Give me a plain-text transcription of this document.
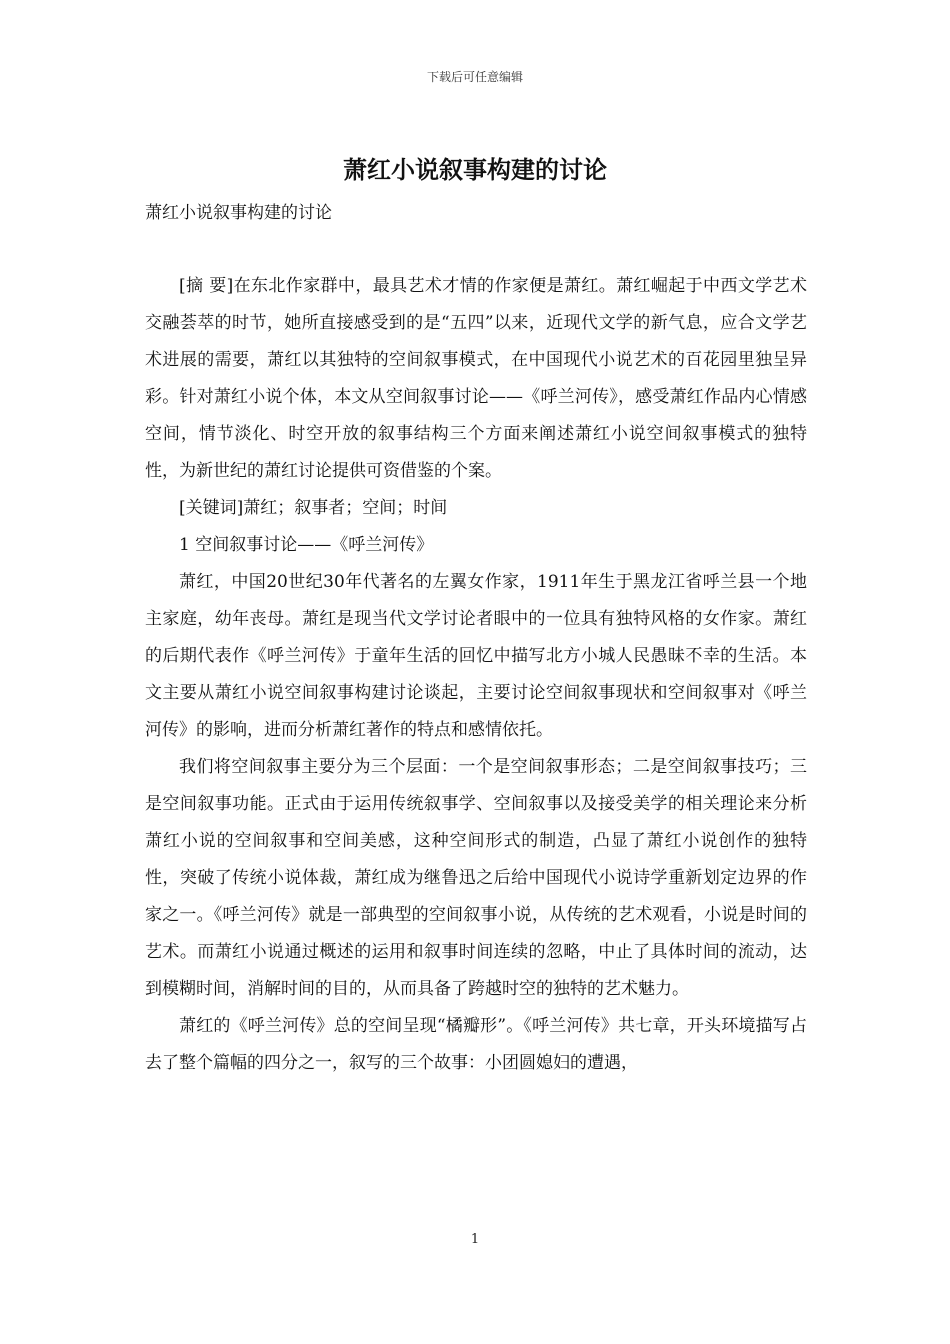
下载后可任意编辑
萧红小说叙事构建的讨论
萧红小说叙事构建的讨论

[摘 要]在东北作家群中，最具艺术才情的作家便是萧红。萧红崛起于中西文学艺术交融荟萃的时节，她所直接感受到的是“五四”以来，近现代文学的新气息，应合文学艺术进展的需要，萧红以其独特的空间叙事模式，在中国现代小说艺术的百花园里独呈异彩。针对萧红小说个体，本文从空间叙事讨论——《呼兰河传》，感受萧红作品内心情感空间，情节淡化、时空开放的叙事结构三个方面来阐述萧红小说空间叙事模式的独特性，为新世纪的萧红讨论提供可资借鉴的个案。

[关键词]萧红；叙事者；空间；时间

1 空间叙事讨论——《呼兰河传》

萧红，中国20世纪30年代著名的左翼女作家，1911年生于黑龙江省呼兰县一个地主家庭，幼年丧母。萧红是现当代文学讨论者眼中的一位具有独特风格的女作家。萧红的后期代表作《呼兰河传》于童年生活的回忆中描写北方小城人民愚昧不幸的生活。本文主要从萧红小说空间叙事构建讨论谈起，主要讨论空间叙事现状和空间叙事对《呼兰河传》的影响，进而分析萧红著作的特点和感情依托。

我们将空间叙事主要分为三个层面：一个是空间叙事形态；二是空间叙事技巧；三是空间叙事功能。正式由于运用传统叙事学、空间叙事以及接受美学的相关理论来分析萧红小说的空间叙事和空间美感，这种空间形式的制造，凸显了萧红小说创作的独特性，突破了传统小说体裁，萧红成为继鲁迅之后给中国现代小说诗学重新划定边界的作家之一。《呼兰河传》就是一部典型的空间叙事小说，从传统的艺术观看，小说是时间的艺术。而萧红小说通过概述的运用和叙事时间连续的忽略，中止了具体时间的流动，达到模糊时间，消解时间的目的，从而具备了跨越时空的独特的艺术魅力。

萧红的《呼兰河传》总的空间呈现“橘瓣形”。《呼兰河传》共七章，开头环境描写占去了整个篇幅的四分之一，叙写的三个故事：小团圆媳妇的遭遇，

1
